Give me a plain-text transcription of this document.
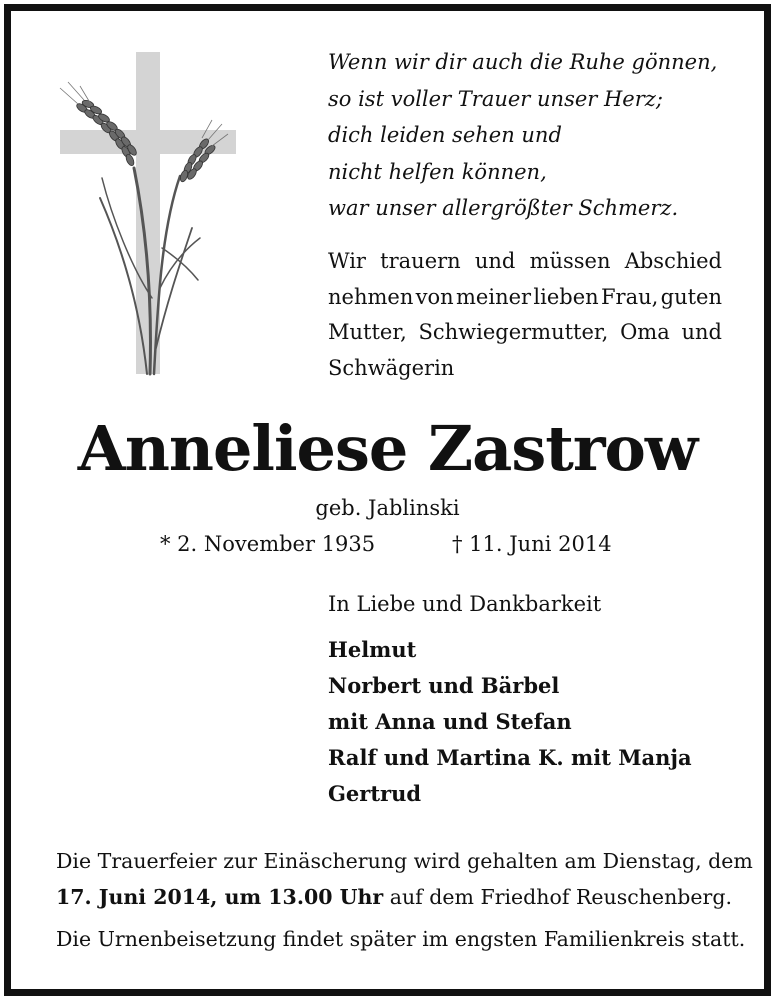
Wenn wir dir auch die Ruhe gönnen,
so ist voller Trauer unser Herz;
dich leiden sehen und
nicht helfen können,
war unser allergrößter Schmerz.
Wir trauern und müssen Abschied
nehmen von meiner lieben Frau, guten
Mutter, Schwiegermutter, Oma und
Schwägerin
Anneliese Zastrow
geb. Jablinski
* 2. November 1935	† 11. Juni 2014
In Liebe und Dankbarkeit
Helmut
Norbert und Bärbel
mit Anna und Stefan
Ralf und Martina K. mit Manja
Gertrud
Die Trauerfeier zur Einäscherung wird gehalten am Dienstag, dem
17. Juni 2014, um 13.00 Uhr auf dem Friedhof Reuschenberg.
Die Urnenbeisetzung findet später im engsten Familienkreis statt.
